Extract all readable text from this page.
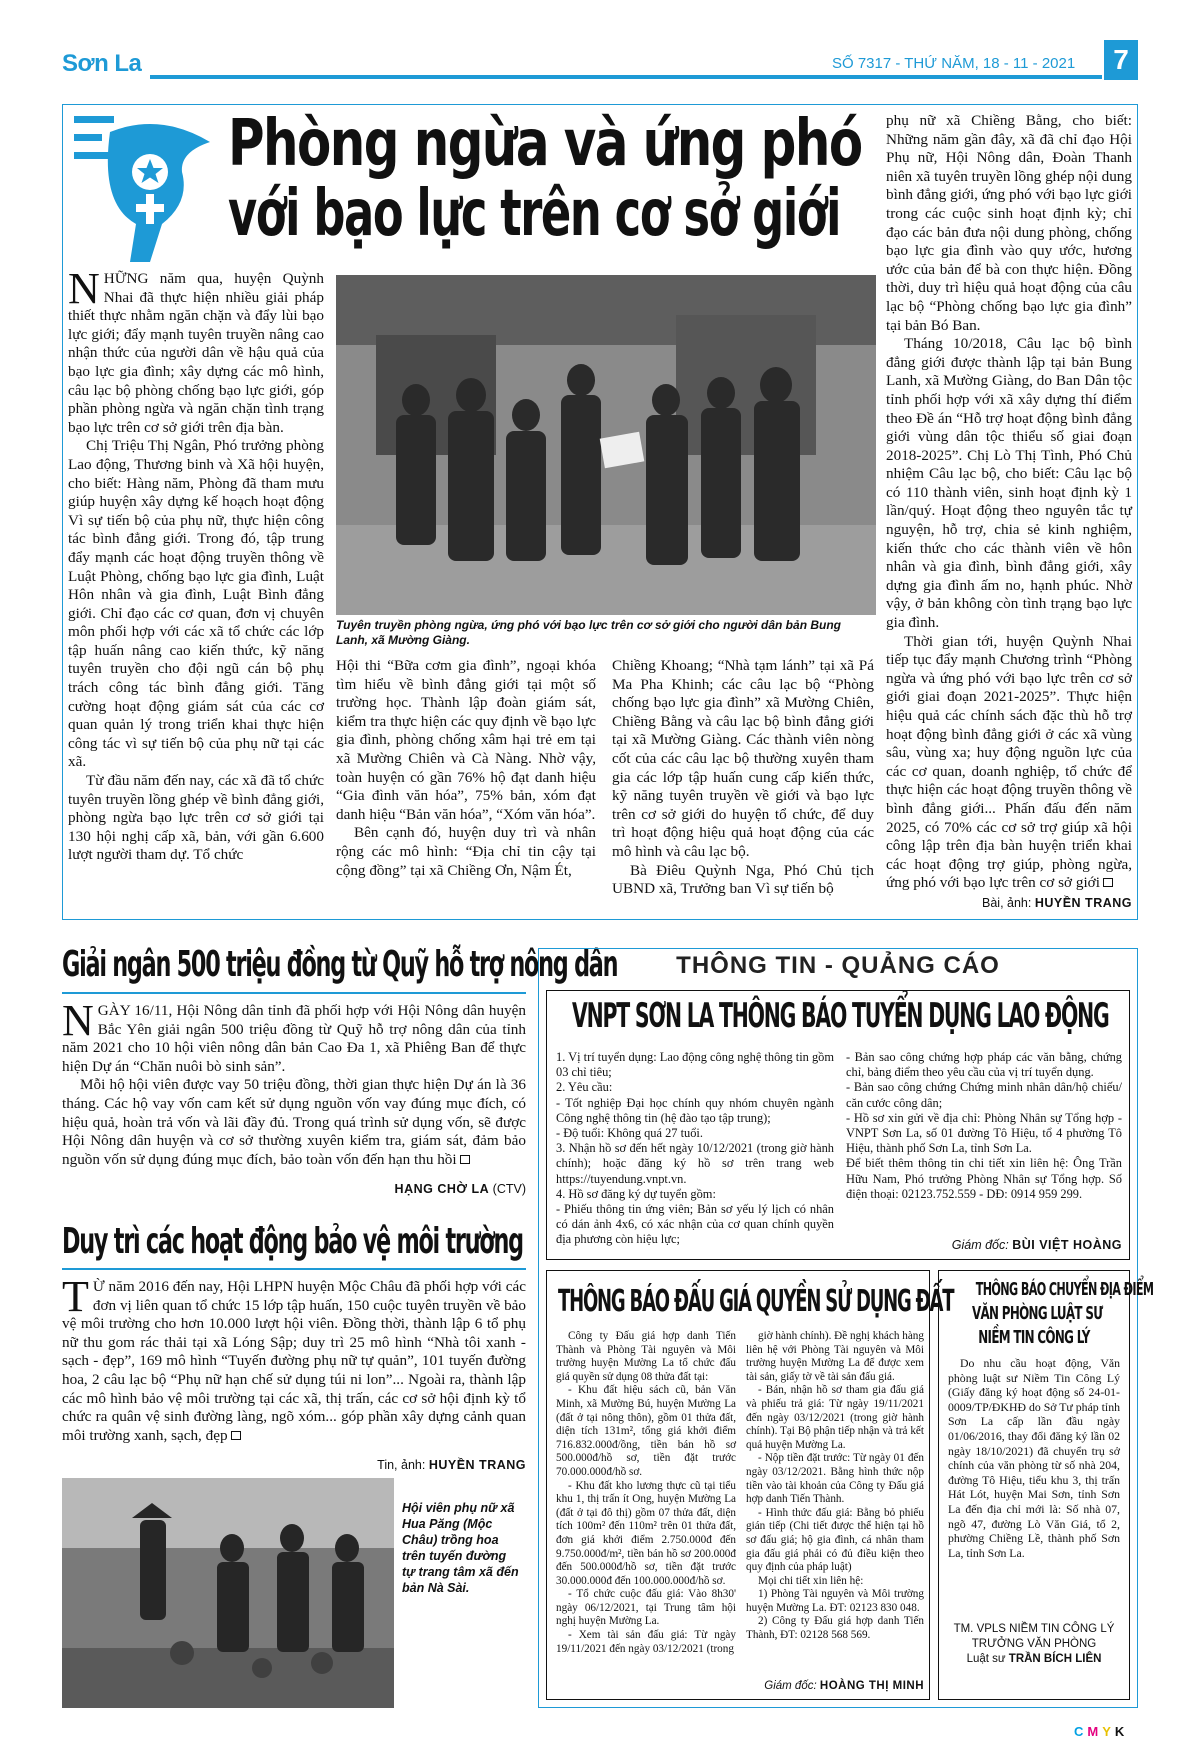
Sơn La	SỐ 7317 - THỨ NĂM, 18 - 11 - 2021	7
Phòng ngừa và ứng phó
với bạo lực trên cơ sở giới

NHỮNG năm qua, huyện Quỳnh Nhai đã thực hiện nhiều giải pháp thiết thực nhằm ngăn chặn và đẩy lùi bạo lực giới; đẩy mạnh tuyên truyền nâng cao nhận thức của người dân về hậu quả của bạo lực gia đình; xây dựng các mô hình, câu lạc bộ phòng chống bạo lực giới, góp phần phòng ngừa và ngăn chặn tình trạng bạo lực trên cơ sở giới trên địa bàn.

Chị Triệu Thị Ngân, Phó trưởng phòng Lao động, Thương binh và Xã hội huyện, cho biết: Hàng năm, Phòng đã tham mưu giúp huyện xây dựng kế hoạch hoạt động Vì sự tiến bộ của phụ nữ, thực hiện công tác bình đẳng giới. Trong đó, tập trung đẩy mạnh các hoạt động truyền thông về Luật Phòng, chống bạo lực gia đình, Luật Hôn nhân và gia đình, Luật Bình đẳng giới. Chỉ đạo các cơ quan, đơn vị chuyên môn phối hợp với các xã tổ chức các lớp tập huấn nâng cao kiến thức, kỹ năng tuyên truyền cho đội ngũ cán bộ phụ trách công tác bình đẳng giới. Tăng cường hoạt động giám sát của các cơ quan quản lý trong triển khai thực hiện công tác vì sự tiến bộ của phụ nữ tại các xã.

Từ đầu năm đến nay, các xã đã tổ chức tuyên truyền lồng ghép về bình đẳng giới, phòng ngừa bạo lực trên cơ sở giới tại 130 hội nghị cấp xã, bản, với gần 6.600 lượt người tham dự. Tổ chức

Tuyên truyền phòng ngừa, ứng phó với bạo lực trên cơ sở giới cho người dân bản Bung Lanh, xã Mường Giàng.

Hội thi “Bữa cơm gia đình”, ngoại khóa tìm hiểu về bình đẳng giới tại một số trường học. Thành lập đoàn giám sát, kiểm tra thực hiện các quy định về bạo lực gia đình, phòng chống xâm hại trẻ em tại xã Mường Chiên và Cà Nàng. Nhờ vậy, toàn huyện có gần 76% hộ đạt danh hiệu “Gia đình văn hóa”, 75% bản, xóm đạt danh hiệu “Bản văn hóa”, “Xóm văn hóa”.

Bên cạnh đó, huyện duy trì và nhân rộng các mô hình: “Địa chỉ tin cậy tại cộng đồng” tại xã Chiềng Ơn, Nậm Ét,

Chiềng Khoang; “Nhà tạm lánh” tại xã Pá Ma Pha Khinh; các câu lạc bộ “Phòng chống bạo lực gia đình” xã Mường Chiên, Chiềng Bằng và câu lạc bộ bình đẳng giới tại xã Mường Giàng. Các thành viên nòng cốt của các câu lạc bộ thường xuyên tham gia các lớp tập huấn cung cấp kiến thức, kỹ năng tuyên truyền về giới và bạo lực trên cơ sở giới do huyện tổ chức, để duy trì hoạt động hiệu quả hoạt động của các mô hình và câu lạc bộ.

Bà Điêu Quỳnh Nga, Phó Chủ tịch UBND xã, Trưởng ban Vì sự tiến bộ

phụ nữ xã Chiềng Bằng, cho biết: Những năm gần đây, xã đã chỉ đạo Hội Phụ nữ, Hội Nông dân, Đoàn Thanh niên xã tuyên truyền lồng ghép nội dung bình đẳng giới, ứng phó với bạo lực giới trong các cuộc sinh hoạt định kỳ; chỉ đạo các bản đưa nội dung phòng, chống bạo lực gia đình vào quy ước, hương ước của bản để bà con thực hiện. Đồng thời, duy trì hiệu quả hoạt động của câu lạc bộ “Phòng chống bạo lực gia đình” tại bản Bó Ban.

Tháng 10/2018, Câu lạc bộ bình đẳng giới được thành lập tại bản Bung Lanh, xã Mường Giàng, do Ban Dân tộc tỉnh phối hợp với xã xây dựng thí điểm theo Đề án “Hỗ trợ hoạt động bình đẳng giới vùng dân tộc thiểu số giai đoạn 2018-2025”. Chị Lò Thị Tình, Phó Chủ nhiệm Câu lạc bộ, cho biết: Câu lạc bộ có 110 thành viên, sinh hoạt định kỳ 1 lần/quý. Hoạt động theo nguyên tắc tự nguyện, hỗ trợ, chia sẻ kinh nghiệm, kiến thức cho các thành viên về hôn nhân và gia đình, bình đẳng giới, xây dựng gia đình ấm no, hạnh phúc. Nhờ vậy, ở bản không còn tình trạng bạo lực gia đình.

Thời gian tới, huyện Quỳnh Nhai tiếp tục đẩy mạnh Chương trình “Phòng ngừa và ứng phó với bạo lực trên cơ sở giới giai đoạn 2021-2025”. Thực hiện hiệu quả các chính sách đặc thù hỗ trợ hoạt động bình đẳng giới ở các xã vùng sâu, vùng xa; huy động nguồn lực của các cơ quan, doanh nghiệp, tổ chức để thực hiện các hoạt động truyền thông về bình đẳng giới... Phấn đấu đến năm 2025, có 70% các cơ sở trợ giúp xã hội công lập trên địa bàn huyện triển khai các hoạt động trợ giúp, phòng ngừa, ứng phó với bạo lực trên cơ sở giới

Bài, ảnh: HUYỀN TRANG
Giải ngân 500 triệu đồng từ Quỹ hỗ trợ nông dân

NGÀY 16/11, Hội Nông dân tỉnh đã phối hợp với Hội Nông dân huyện Bắc Yên giải ngân 500 triệu đồng từ Quỹ hỗ trợ nông dân của tỉnh năm 2021 cho 10 hội viên nông dân bản Cao Đa 1, xã Phiêng Ban để thực hiện Dự án “Chăn nuôi bò sinh sản”.

Mỗi hộ hội viên được vay 50 triệu đồng, thời gian thực hiện Dự án là 36 tháng. Các hộ vay vốn cam kết sử dụng nguồn vốn vay đúng mục đích, có hiệu quả, hoàn trả vốn và lãi đầy đủ. Trong quá trình sử dụng vốn, sẽ được Hội Nông dân huyện và cơ sở thường xuyên kiểm tra, giám sát, đảm bảo nguồn vốn sử dụng đúng mục đích, bảo toàn vốn đến hạn thu hồi

HẠNG CHỜ LA (CTV)
Duy trì các hoạt động bảo vệ môi trường

T Ừ năm 2016 đến nay, Hội LHPN huyện Mộc Châu đã phối hợp với các đơn vị liên quan tổ chức 15 lớp tập huấn, 150 cuộc tuyên truyền về bảo vệ môi trường cho hơn 10.000 lượt hội viên. Đồng thời, thành lập 6 tổ phụ nữ thu gom rác thải tại xã Lóng Sập; duy trì 25 mô hình “Nhà tôi xanh - sạch - đẹp”, 169 mô hình “Tuyến đường phụ nữ tự quản”, 101 tuyến đường hoa, 2 câu lạc bộ “Phụ nữ hạn chế sử dụng túi ni lon”... Ngoài ra, thành lập các mô hình bảo vệ môi trường tại các xã, thị trấn, các cơ sở hội định kỳ tổ chức ra quân vệ sinh đường làng, ngõ xóm... góp phần xây dựng cảnh quan môi trường xanh, sạch, đẹp

Tin, ảnh: HUYỀN TRANG
Hội viên phụ nữ xã Hua Păng (Mộc Châu) trồng hoa trên tuyến đường tự trang tâm xã đến bản Nà Sài.
THÔNG TIN - QUẢNG CÁO
VNPT SƠN LA THÔNG BÁO TUYỂN DỤNG LAO ĐỘNG

1. Vị trí tuyển dụng: Lao động công nghệ thông tin gồm 03 chỉ tiêu;

2. Yêu cầu:

- Tốt nghiệp Đại học chính quy nhóm chuyên ngành Công nghệ thông tin (hệ đào tạo tập trung);

- Độ tuổi: Không quá 27 tuổi.

3. Nhận hồ sơ đến hết ngày 10/12/2021 (trong giờ hành chính); hoặc đăng ký hồ sơ trên trang web https://tuyendung.vnpt.vn.

4. Hồ sơ đăng ký dự tuyển gồm:

- Phiếu thông tin ứng viên; Bản sơ yếu lý lịch có nhân có dán ảnh 4x6, có xác nhận của cơ quan chính quyền địa phương còn hiệu lực;

- Bản sao công chứng hợp pháp các văn bằng, chứng chỉ, bảng điểm theo yêu cầu của vị trí tuyển dụng.

- Bản sao công chứng Chứng minh nhân dân/hộ chiếu/ căn cước công dân;

- Hồ sơ xin gửi về địa chỉ: Phòng Nhân sự Tổng hợp - VNPT Sơn La, số 01 đường Tô Hiệu, tổ 4 phường Tô Hiệu, thành phố Sơn La, tỉnh Sơn La.

Để biết thêm thông tin chi tiết xin liên hệ: Ông Trần Hữu Nam, Phó trưởng Phòng Nhân sự Tổng hợp. Số điện thoại: 02123.752.559 - DĐ: 0914 959 299.

Giám đốc: BÙI VIỆT HOÀNG
THÔNG BÁO ĐẤU GIÁ QUYỀN SỬ DỤNG ĐẤT

Công ty Đấu giá hợp danh Tiến Thành và Phòng Tài nguyên và Môi trường huyện Mường La tổ chức đấu giá quyền sử dụng 08 thửa đất tại:

- Khu đất hiệu sách cũ, bản Văn Minh, xã Mường Bú, huyện Mường La (đất ở tại nông thôn), gồm 01 thửa đất, diện tích 131m², tổng giá khởi điểm 716.832.000đ/ồng, tiền bán hồ sơ 500.000đ/hồ sơ, tiền đặt trước 70.000.000đ/hồ sơ.

- Khu đất kho lương thực cũ tại tiểu khu 1, thị trấn ít Ong, huyện Mường La (đất ở tại đô thị) gồm 07 thửa đất, diện tích 100m² đến 110m² trên 01 thửa đất, đơn giá khởi điểm 2.750.000đ đến 9.750.000đ/m², tiền bán hồ sơ 200.000đ đến 500.000đ/hồ sơ, tiền đặt trước 30.000.000đ đến 100.000.000đ/hồ sơ.

- Tổ chức cuộc đấu giá: Vào 8h30' ngày 06/12/2021, tại Trung tâm hội nghị huyện Mường La.

- Xem tài sản đấu giá: Từ ngày 19/11/2021 đến ngày 03/12/2021 (trong

giờ hành chính). Đề nghị khách hàng liên hệ với Phòng Tài nguyên và Môi trường huyện Mường La để được xem tài sản, giấy tờ về tài sản đấu giá.

- Bán, nhận hồ sơ tham gia đấu giá và phiếu trả giá: Từ ngày 19/11/2021 đến ngày 03/12/2021 (trong giờ hành chính). Tại Bộ phận tiếp nhận và trả kết quả huyện Mường La.

- Nộp tiền đặt trước: Từ ngày 01 đến ngày 03/12/2021. Bằng hình thức nộp tiền vào tài khoản của Công ty Đấu giá hợp danh Tiến Thành.

- Hình thức đấu giá: Bằng bỏ phiếu gián tiếp (Chi tiết được thể hiện tại hồ sơ đấu giá; hộ gia đình, cá nhân tham gia đấu giá phải có đủ điều kiện theo quy định của pháp luật)

Mọi chi tiết xin liên hệ:

1) Phòng Tài nguyên và Môi trường huyện Mường La. ĐT: 02123 830 048.

2) Công ty Đấu giá hợp danh Tiến Thành, ĐT: 02128 568 569.

Giám đốc: HOÀNG THỊ MINH
THÔNG BÁO CHUYỂN ĐỊA ĐIỂM
VĂN PHÒNG LUẬT SƯ
NIỀM TIN CÔNG LÝ

Do nhu cầu hoạt động, Văn phòng luật sư Niềm Tin Công Lý (Giấy đăng ký hoạt động số 24-01-0009/TP/ĐKHĐ do Sở Tư pháp tỉnh Sơn La cấp lần đầu ngày 01/06/2016, thay đổi đăng ký lần 02 ngày 18/10/2021) đã chuyển trụ sở chính của văn phòng từ số nhà 204, đường Tô Hiệu, tiểu khu 3, thị trấn Hát Lót, huyện Mai Sơn, tỉnh Sơn La đến địa chỉ mới là: Số nhà 07, ngõ 47, đường Lò Văn Giá, tổ 2, phường Chiềng Lề, thành phố Sơn La, tỉnh Sơn La.

TM. VPLS NIỀM TIN CÔNG LÝ
TRƯỞNG VĂN PHÒNG
Luật sư TRẦN BÍCH LIÊN
CMYK
